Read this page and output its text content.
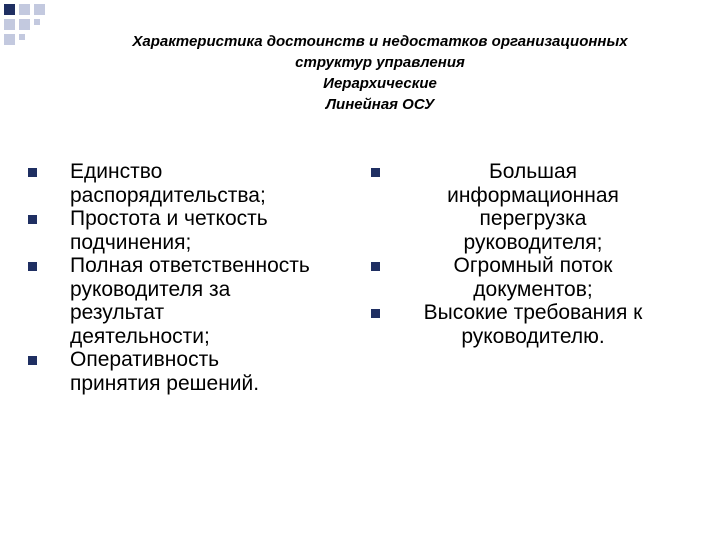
Характеристика достоинств и недостатков организационных
структур управления
Иерархические
Линейная ОСУ
Единство
распорядительства;
Простота и четкость
подчинения;
Полная ответственность
руководителя за
результат
деятельности;
Оперативность
принятия решений.
Большая
информационная
перегрузка
руководителя;
Огромный поток
документов;
Высокие требования к
руководителю.
